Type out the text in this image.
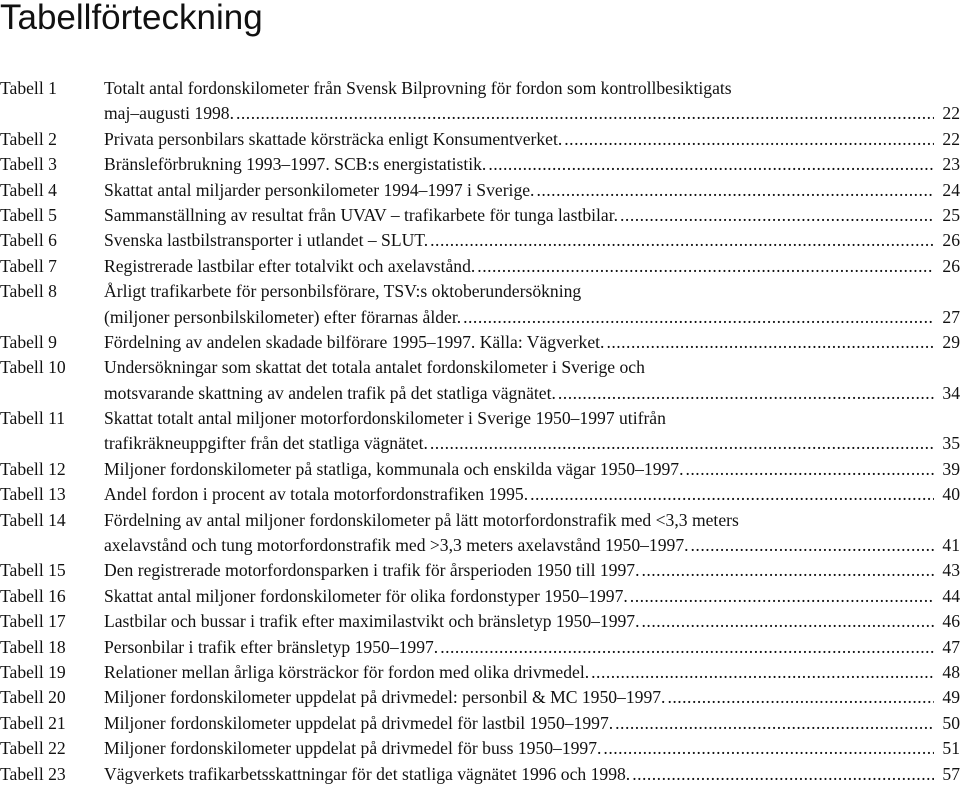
Tabellförteckning
Tabell 1	Totalt antal fordonskilometer från Svensk Bilprovning för fordon som kontrollbesiktigats
maj–augusti 1998. .....	22
Tabell 2	Privata personbilars skattade körsträcka enligt Konsumentverket. .....	22
Tabell 3	Bränsleförbrukning 1993–1997. SCB:s energistatistik. .....	23
Tabell 4	Skattat antal miljarder personkilometer 1994–1997 i Sverige. .....	24
Tabell 5	Sammanställning av resultat från UVAV – trafikarbete för tunga lastbilar. .....	25
Tabell 6	Svenska lastbilstransporter i utlandet – SLUT. .....	26
Tabell 7	Registrerade lastbilar efter totalvikt och axelavstånd. .....	26
Tabell 8	Årligt trafikarbete för personbilsförare, TSV:s oktoberundersökning
(miljoner personbilskilometer) efter förarnas ålder. .....	27
Tabell 9	Fördelning av andelen skadade bilförare 1995–1997. Källa: Vägverket. .....	29
Tabell 10	Undersökningar som skattat det totala antalet fordonskilometer i Sverige och
motsvarande skattning av andelen trafik på det statliga vägnätet. .....	34
Tabell 11	Skattat totalt antal miljoner motorfordonskilometer i Sverige 1950–1997 utifrån
trafikräkneuppgifter från det statliga vägnätet. .....	35
Tabell 12	Miljoner fordonskilometer på statliga, kommunala och enskilda vägar 1950–1997. .....	39
Tabell 13	Andel fordon i procent av totala motorfordonstrafiken 1995. .....	40
Tabell 14	Fördelning av antal miljoner fordonskilometer på lätt motorfordonstrafik med <3,3 meters
axelavstånd och tung motorfordonstrafik med >3,3 meters axelavstånd 1950–1997. .....	41
Tabell 15	Den registrerade motorfordonsparken i trafik för årsperioden 1950 till 1997. .....	43
Tabell 16	Skattat antal miljoner fordonskilometer för olika fordonstyper 1950–1997. .....	44
Tabell 17	Lastbilar och bussar i trafik efter maximilastvikt och bränsletyp 1950–1997. .....	46
Tabell 18	Personbilar i trafik efter bränsletyp 1950–1997. .....	47
Tabell 19	Relationer mellan årliga körsträckor för fordon med olika drivmedel. .....	48
Tabell 20	Miljoner fordonskilometer uppdelat på drivmedel: personbil & MC 1950–1997. .....	49
Tabell 21	Miljoner fordonskilometer uppdelat på drivmedel för lastbil 1950–1997. .....	50
Tabell 22	Miljoner fordonskilometer uppdelat på drivmedel för buss 1950–1997. .....	51
Tabell 23	Vägverkets trafikarbetsskattningar för det statliga vägnätet 1996 och 1998. .....	57
